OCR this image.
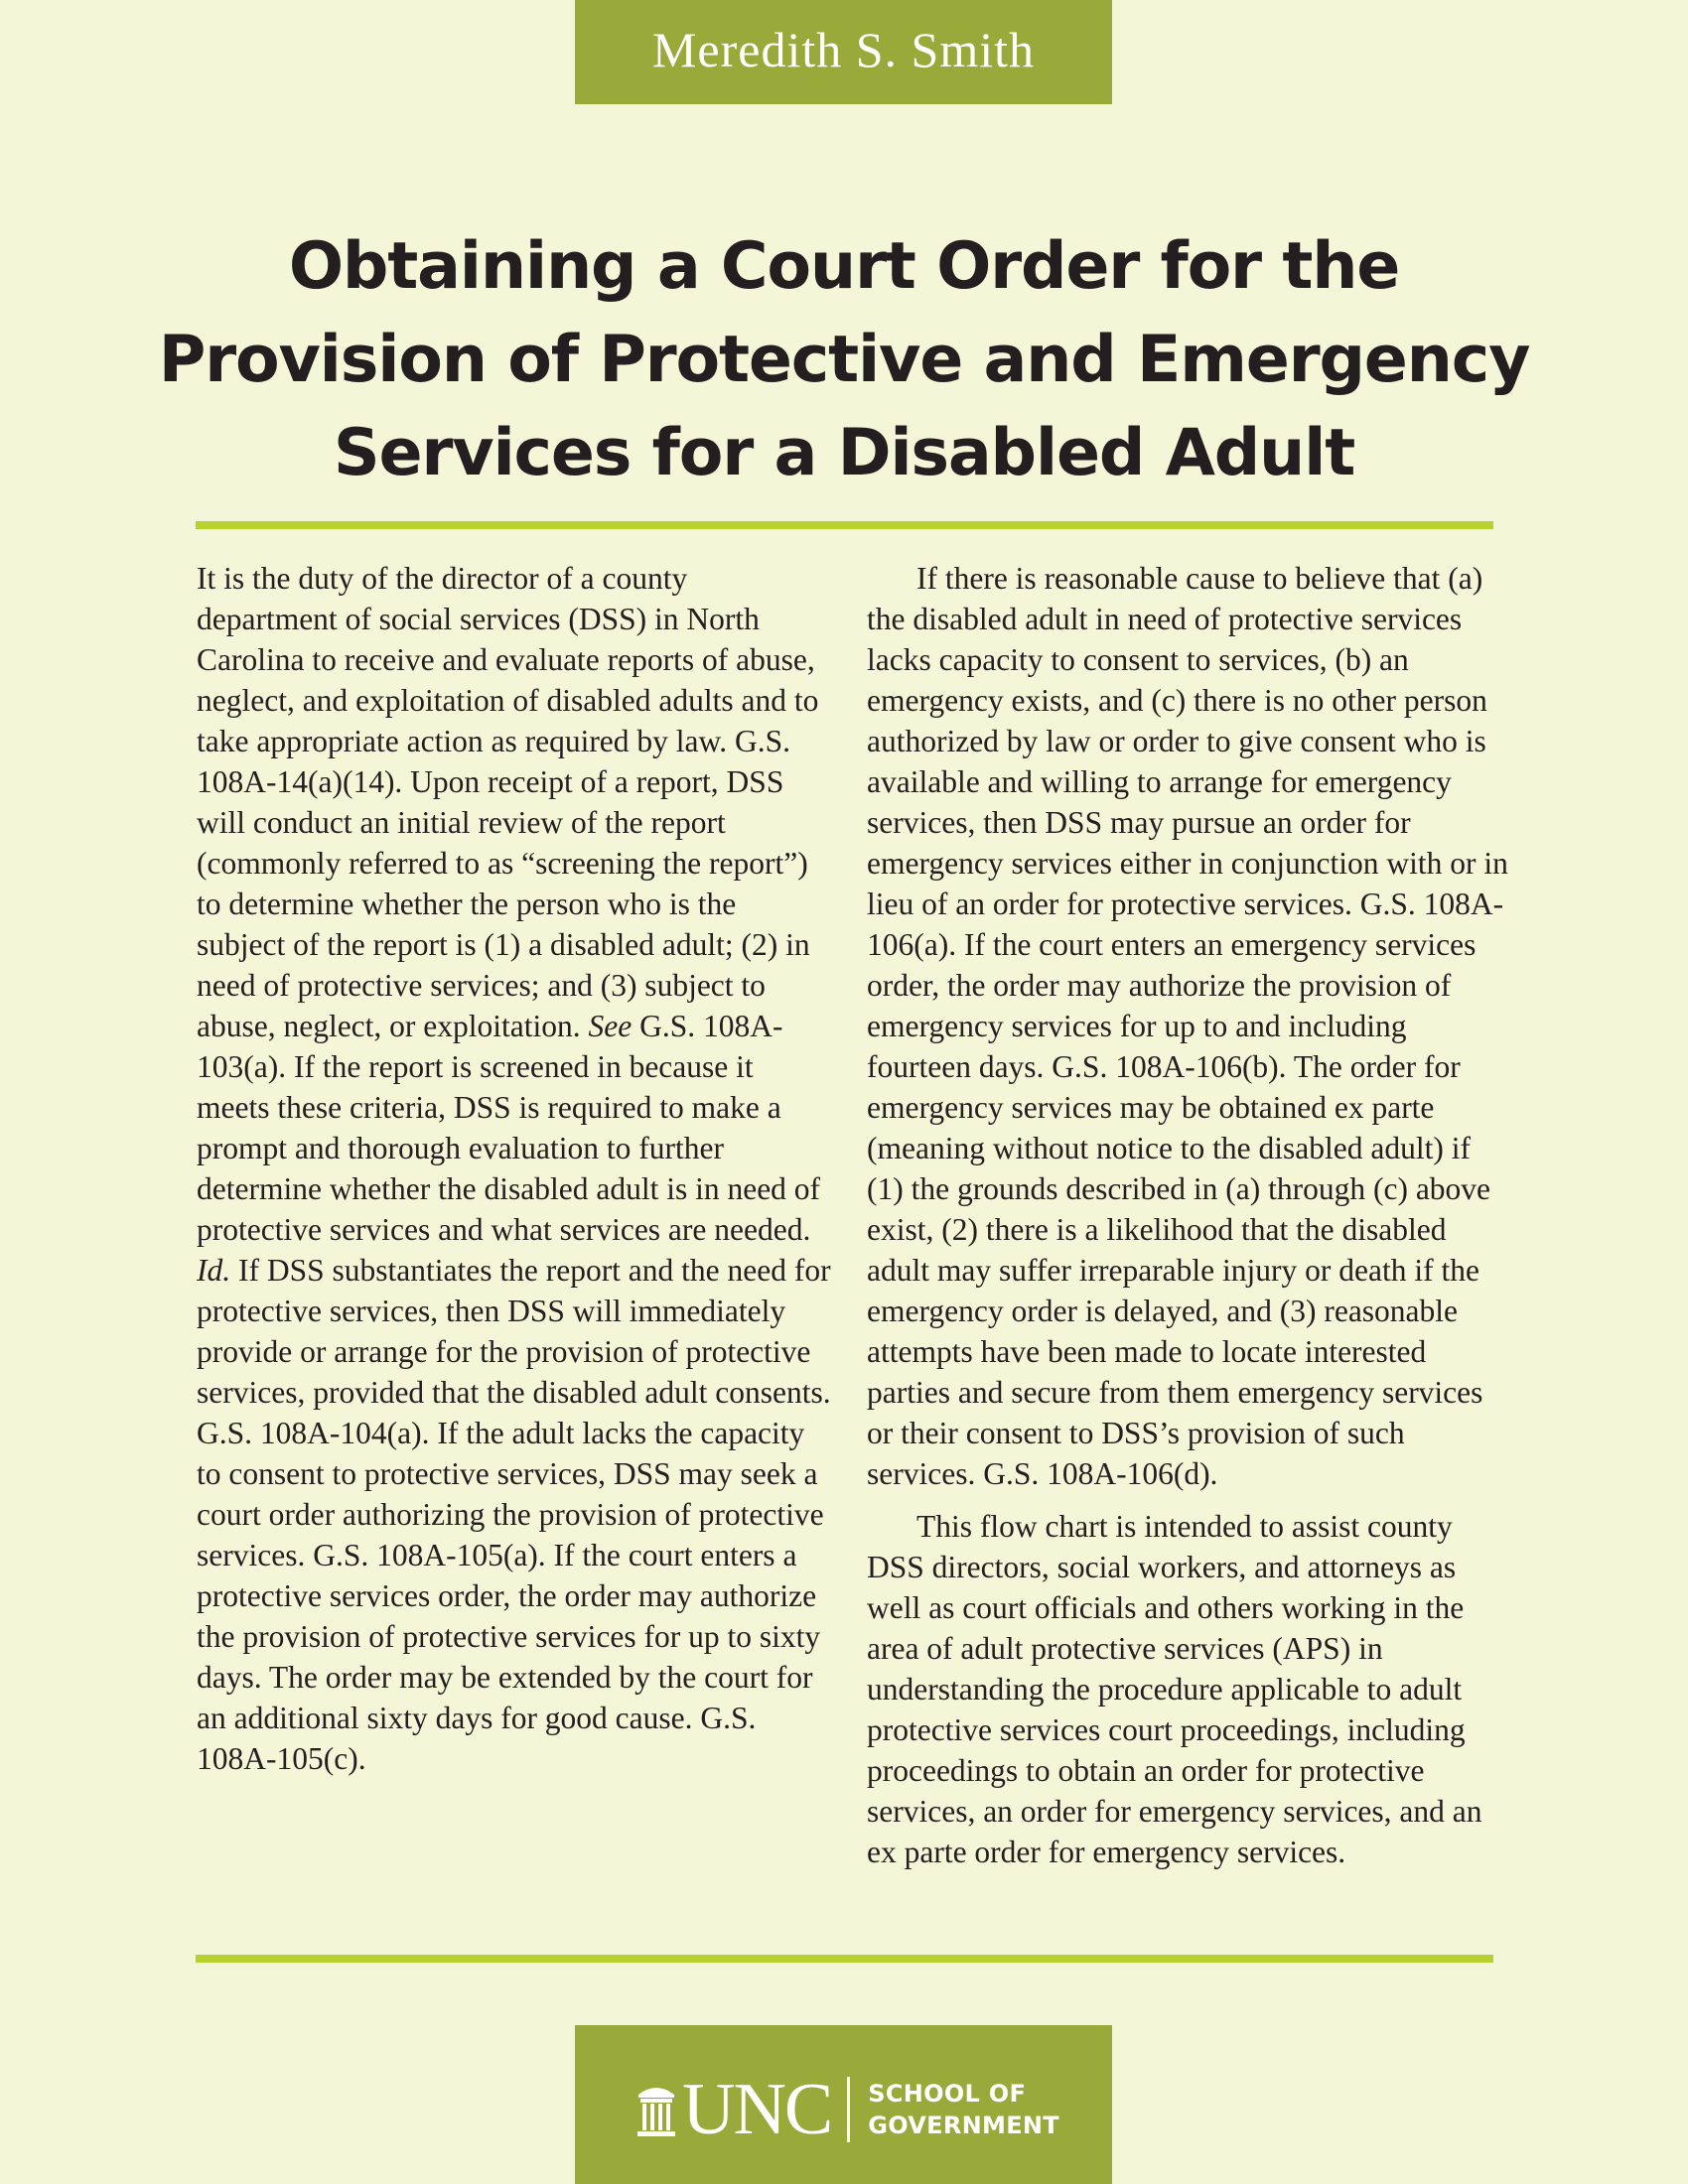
Meredith S. Smith
Obtaining a Court Order for the
Provision of Protective and Emergency
Services for a Disabled Adult

It is the duty of the director of a county department of social services (DSS) in North Carolina to receive and evaluate reports of abuse, neglect, and exploitation of disabled adults and to take appropriate action as required by law. G.S. 108A-14(a)(14). Upon receipt of a report, DSS will conduct an initial review of the report (commonly referred to as “screening the report”) to determine whether the person who is the subject of the report is (1) a disabled adult; (2) in need of protective services; and (3) subject to abuse, neglect, or exploitation. See G.S. 108A-103(a). If the report is screened in because it meets these criteria, DSS is required to make a prompt and thorough evaluation to further determine whether the disabled adult is in need of protective services and what services are needed. Id. If DSS substantiates the report and the need for protective services, then DSS will immediately provide or arrange for the provision of protective services, provided that the disabled adult consents. G.S. 108A-104(a). If the adult lacks the capacity to consent to protective services, DSS may seek a court order authorizing the provision of protective services. G.S. 108A-105(a). If the court enters a protective services order, the order may authorize the provision of protective services for up to sixty days. The order may be extended by the court for an additional sixty days for good cause. G.S. 108A-105(c).

If there is reasonable cause to believe that (a) the disabled adult in need of protective services lacks capacity to consent to services, (b) an emergency exists, and (c) there is no other person authorized by law or order to give consent who is available and willing to arrange for emergency services, then DSS may pursue an order for emergency services either in conjunction with or in lieu of an order for protective services. G.S. 108A-106(a). If the court enters an emergency services order, the order may authorize the provision of emergency services for up to and including fourteen days. G.S. 108A-106(b). The order for emergency services may be obtained ex parte (meaning without notice to the disabled adult) if (1) the grounds described in (a) through (c) above exist, (2) there is a likelihood that the disabled adult may suffer irreparable injury or death if the emergency order is delayed, and (3) reasonable attempts have been made to locate interested parties and secure from them emergency services or their consent to DSS’s provision of such services. G.S. 108A-106(d).

This flow chart is intended to assist county DSS directors, social workers, and attorneys as well as court officials and others working in the area of adult protective services (APS) in understanding the procedure applicable to adult protective services court proceedings, including proceedings to obtain an order for protective services, an order for emergency services, and an ex parte order for emergency services.

UNC SCHOOL OF
GOVERNMENT
